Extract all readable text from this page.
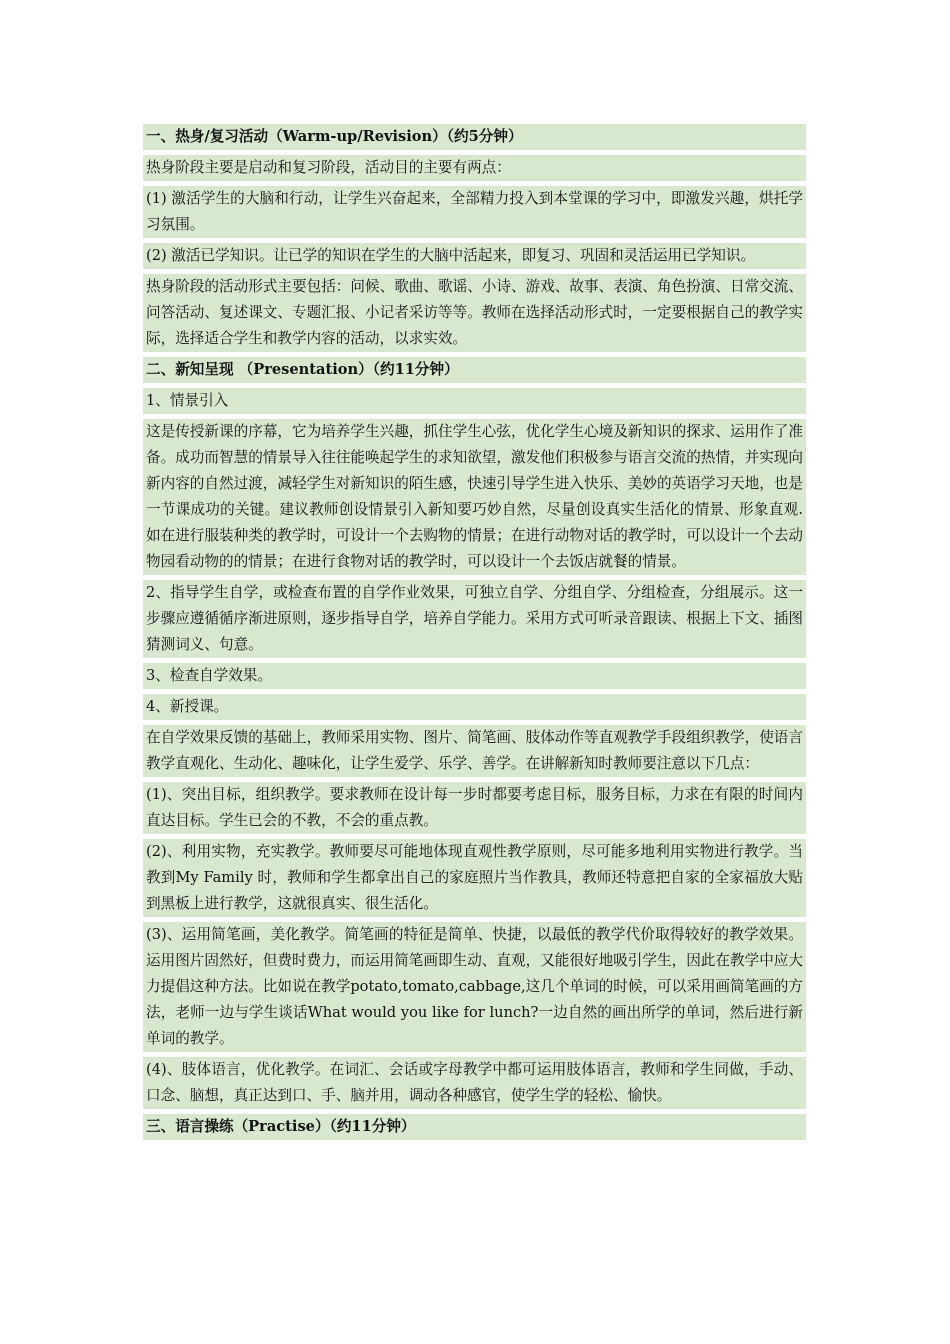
一、热身/复习活动（Warm-up/Revision）（约5分钟）
热身阶段主要是启动和复习阶段，活动目的主要有两点：
(1) 激活学生的大脑和行动，让学生兴奋起来，全部精力投入到本堂课的学习中，即激发兴趣，烘托学习氛围。
(2) 激活已学知识。让已学的知识在学生的大脑中活起来，即复习、巩固和灵活运用已学知识。
热身阶段的活动形式主要包括：问候、歌曲、歌谣、小诗、游戏、故事、表演、角色扮演、日常交流、问答活动、复述课文、专题汇报、小记者采访等等。教师在选择活动形式时，一定要根据自己的教学实际，选择适合学生和教学内容的活动，以求实效。
二、新知呈现 （Presentation）（约11分钟）
1、情景引入
这是传授新课的序幕，它为培养学生兴趣，抓住学生心弦，优化学生心境及新知识的探求、运用作了准备。成功而智慧的情景导入往往能唤起学生的求知欲望，激发他们积极参与语言交流的热情，并实现向新内容的自然过渡，减轻学生对新知识的陌生感，快速引导学生进入快乐、美妙的英语学习天地，也是一节课成功的关键。建议教师创设情景引入新知要巧妙自然，尽量创设真实生活化的情景、形象直观.如在进行服装种类的教学时，可设计一个去购物的情景；在进行动物对话的教学时，可以设计一个去动物园看动物的的情景；在进行食物对话的教学时，可以设计一个去饭店就餐的情景。
2、指导学生自学，或检查布置的自学作业效果，可独立自学、分组自学、分组检查，分组展示。这一步骤应遵循循序渐进原则，逐步指导自学，培养自学能力。采用方式可听录音跟读、根据上下文、插图猜测词义、句意。
3、检查自学效果。
4、新授课。
在自学效果反馈的基础上，教师采用实物、图片、简笔画、肢体动作等直观教学手段组织教学，使语言教学直观化、生动化、趣味化，让学生爱学、乐学、善学。在讲解新知时教师要注意以下几点：
(1)、突出目标，组织教学。要求教师在设计每一步时都要考虑目标，服务目标，力求在有限的时间内直达目标。学生已会的不教，不会的重点教。
(2)、利用实物，充实教学。教师要尽可能地体现直观性教学原则，尽可能多地利用实物进行教学。当教到My Family 时，教师和学生都拿出自己的家庭照片当作教具，教师还特意把自家的全家福放大贴到黑板上进行教学，这就很真实、很生活化。
(3)、运用简笔画，美化教学。简笔画的特征是简单、快捷，以最低的教学代价取得较好的教学效果。运用图片固然好，但费时费力，而运用简笔画即生动、直观，又能很好地吸引学生，因此在教学中应大力提倡这种方法。比如说在教学potato,tomato,cabbage,这几个单词的时候，可以采用画简笔画的方法，老师一边与学生谈话What would you like for lunch?一边自然的画出所学的单词，然后进行新单词的教学。
(4)、肢体语言，优化教学。在词汇、会话或字母教学中都可运用肢体语言，教师和学生同做，手动、口念、脑想，真正达到口、手、脑并用，调动各种感官，使学生学的轻松、愉快。
三、语言操练（Practise）（约11分钟）
